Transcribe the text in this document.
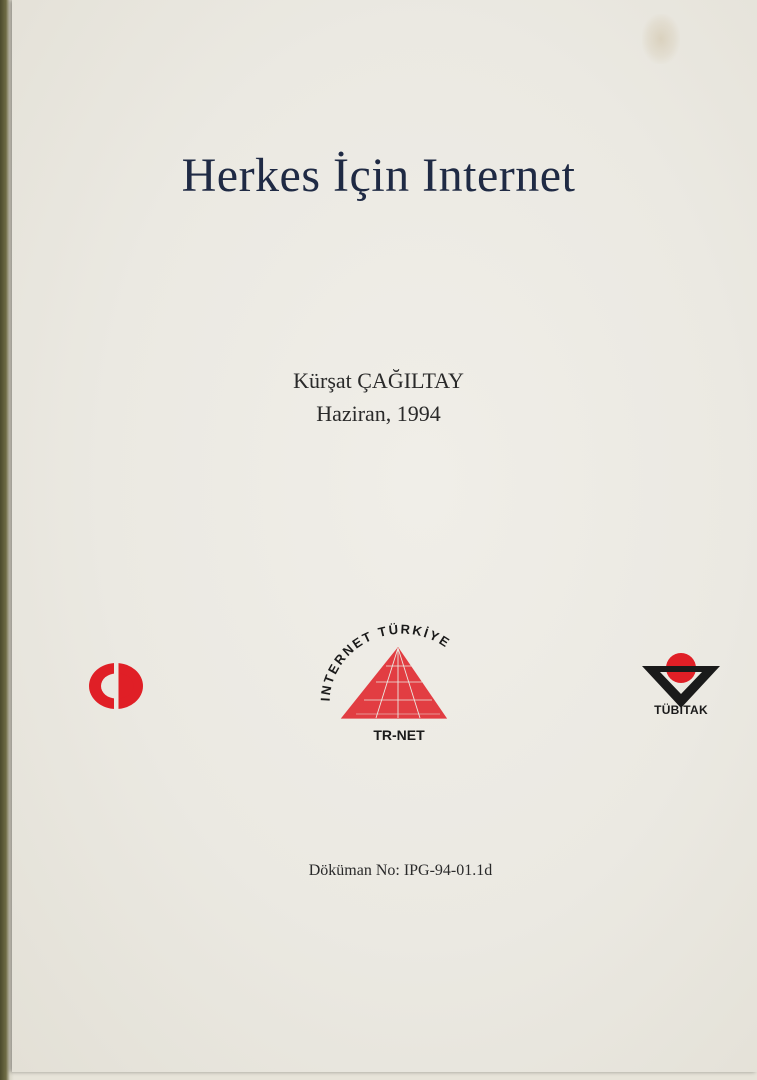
Herkes İçin Internet
Kürşat ÇAĞILTAY
Haziran, 1994
INTERNET TÜRKİYE
TR-NET
TÜBİTAK
Döküman No: IPG-94-01.1d
